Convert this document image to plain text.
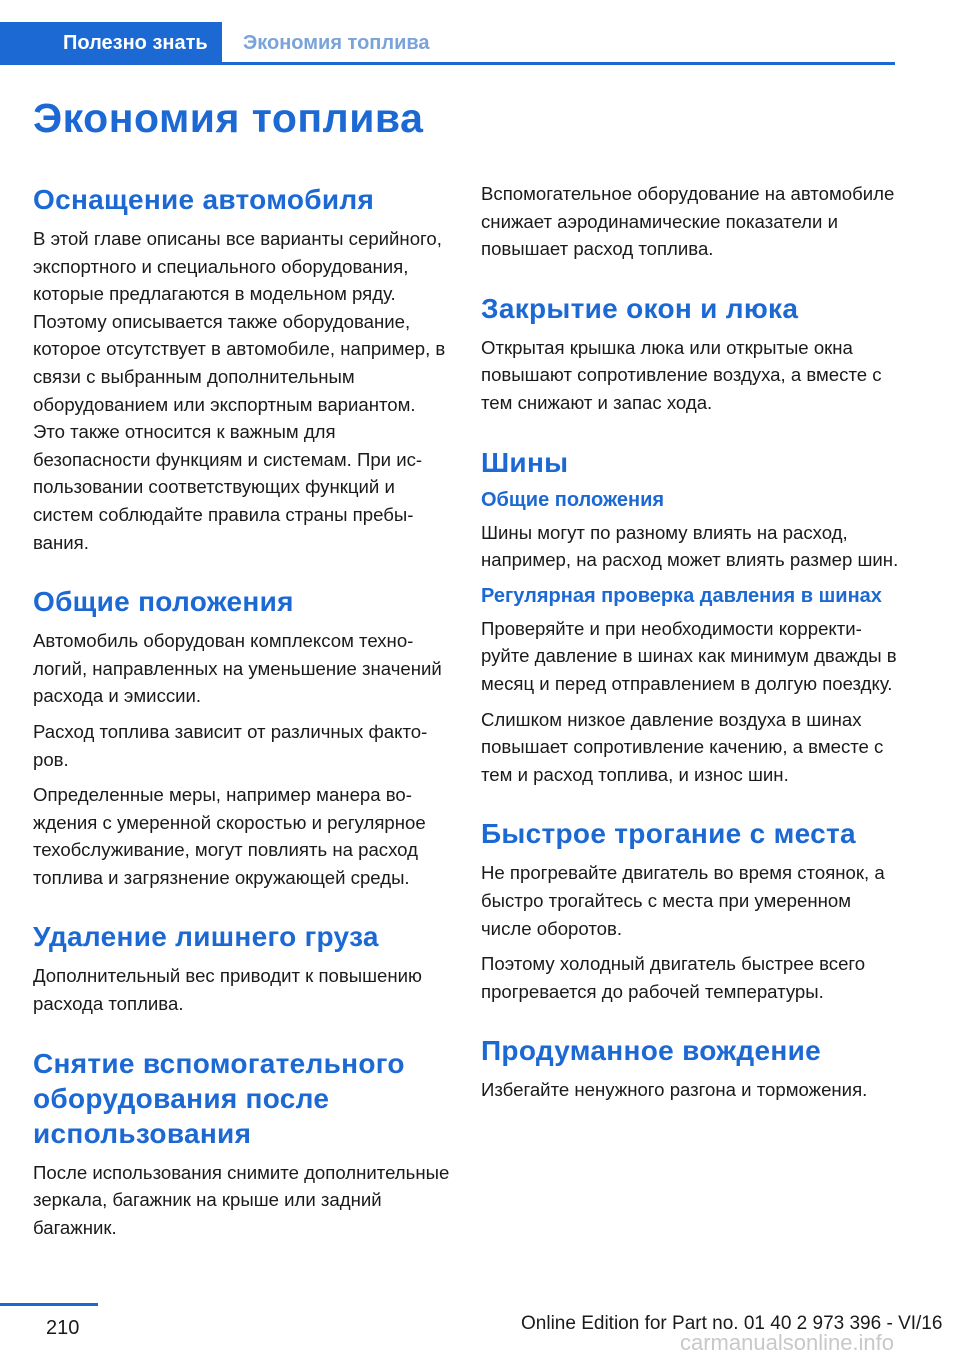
Полезно знать	Экономия топлива
Экономия топлива
Оснащение автомобиля

В этой главе описаны все варианты серийного, экспортного и специального оборудования, которые предлагаются в модельном ряду. Поэтому описывается также оборудование, которое отсутствует в автомобиле, например, в связи с выбранным дополнительным оборудованием или экспортным вариантом. Это также относится к важным для безопасности функциям и системам. При использовании соответствующих функций и систем соблюдайте правила страны пребывания.

Общие положения

Автомобиль оборудован комплексом технологий, направленных на уменьшение значений расхода и эмиссии.

Расход топлива зависит от различных факторов.

Определенные меры, например манера вождения с умеренной скоростью и регулярное техобслуживание, могут повлиять на расход топлива и загрязнение окружающей среды.

Удаление лишнего груза

Дополнительный вес приводит к повышению расхода топлива.

Снятие вспомогательного оборудования после использования

После использования снимите дополнительные зеркала, багажник на крыше или задний багажник.

Вспомогательное оборудование на автомобиле снижает аэродинамические показатели и повышает расход топлива.

Закрытие окон и люка

Открытая крышка люка или открытые окна повышают сопротивление воздуха, а вместе с тем снижают и запас хода.

Шины
Общие положения

Шины могут по разному влиять на расход, например, на расход может влиять размер шин.

Регулярная проверка давления в шинах

Проверяйте и при необходимости корректируйте давление в шинах как минимум дважды в месяц и перед отправлением в долгую поездку.

Слишком низкое давление воздуха в шинах повышает сопротивление качению, а вместе с тем и расход топлива, и износ шин.

Быстрое трогание с места

Не прогревайте двигатель во время стоянок, а быстро трогайтесь с места при умеренном числе оборотов.

Поэтому холодный двигатель быстрее всего прогревается до рабочей температуры.

Продуманное вождение

Избегайте ненужного разгона и торможения.

210	Online Edition for Part no. 01 40 2 973 396 - VI/16
carmanualsonline.info
